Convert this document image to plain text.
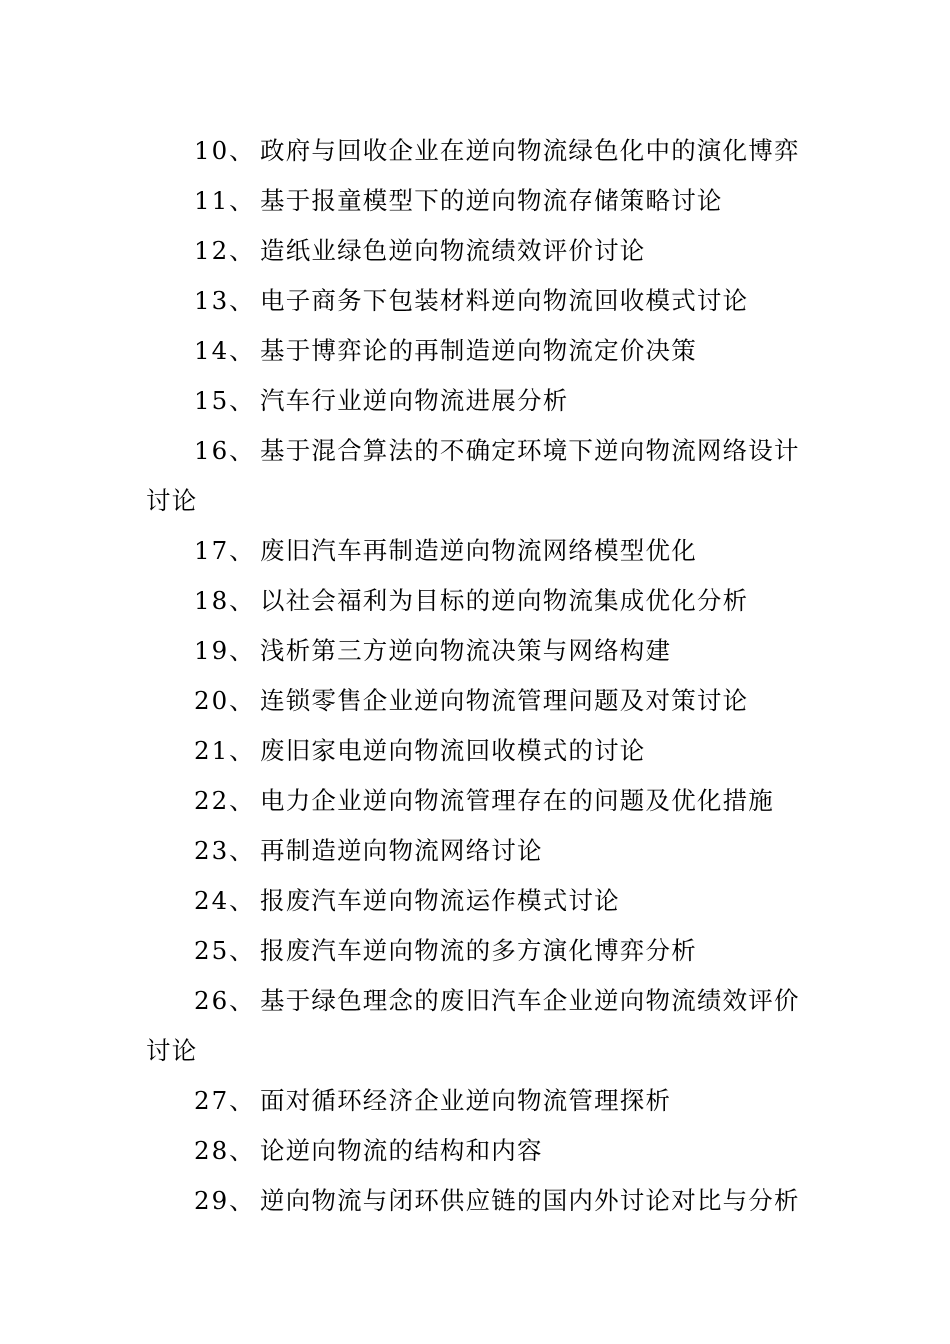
10、 政府与回收企业在逆向物流绿色化中的演化博弈
11、 基于报童模型下的逆向物流存储策略讨论
12、 造纸业绿色逆向物流绩效评价讨论
13、 电子商务下包装材料逆向物流回收模式讨论
14、 基于博弈论的再制造逆向物流定价决策
15、 汽车行业逆向物流进展分析
16、 基于混合算法的不确定环境下逆向物流网络设计
讨论
17、 废旧汽车再制造逆向物流网络模型优化
18、 以社会福利为目标的逆向物流集成优化分析
19、 浅析第三方逆向物流决策与网络构建
20、 连锁零售企业逆向物流管理问题及对策讨论
21、 废旧家电逆向物流回收模式的讨论
22、 电力企业逆向物流管理存在的问题及优化措施
23、 再制造逆向物流网络讨论
24、 报废汽车逆向物流运作模式讨论
25、 报废汽车逆向物流的多方演化博弈分析
26、 基于绿色理念的废旧汽车企业逆向物流绩效评价
讨论
27、 面对循环经济企业逆向物流管理探析
28、 论逆向物流的结构和内容
29、 逆向物流与闭环供应链的国内外讨论对比与分析
